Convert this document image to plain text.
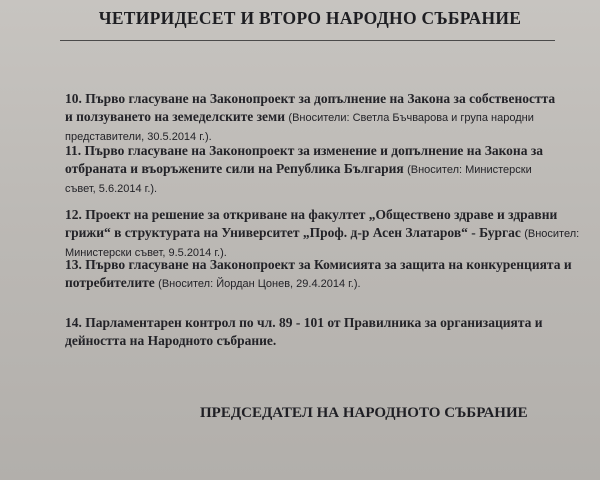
ЧЕТИРИДЕСЕТ И ВТОРО НАРОДНО СЪБРАНИЕ
10. Първо гласуване на Законопроект за допълнение на Закона за собствеността и ползуването на земеделските земи (Вносители: Светла Бъчварова и група народни представители, 30.5.2014 г.).
11. Първо гласуване на Законопроект за изменение и допълнение на Закона за отбраната и въоръжените сили на Република България (Вносител: Министерски съвет, 5.6.2014 г.).
12. Проект на решение за откриване на факултет „Обществено здраве и здравни грижи“ в структурата на Университет „Проф. д-р Асен Златаров“ - Бургас (Вносител: Министерски съвет, 9.5.2014 г.).
13. Първо гласуване на Законопроект за Комисията за защита на конкуренцията и потребителите (Вносител: Йордан Цонев, 29.4.2014 г.).
14. Парламентарен контрол по чл. 89 - 101 от Правилника за организацията и дейността на Народното събрание.
ПРЕДСЕДАТЕЛ НА НАРОДНОТО СЪБРАНИЕ
